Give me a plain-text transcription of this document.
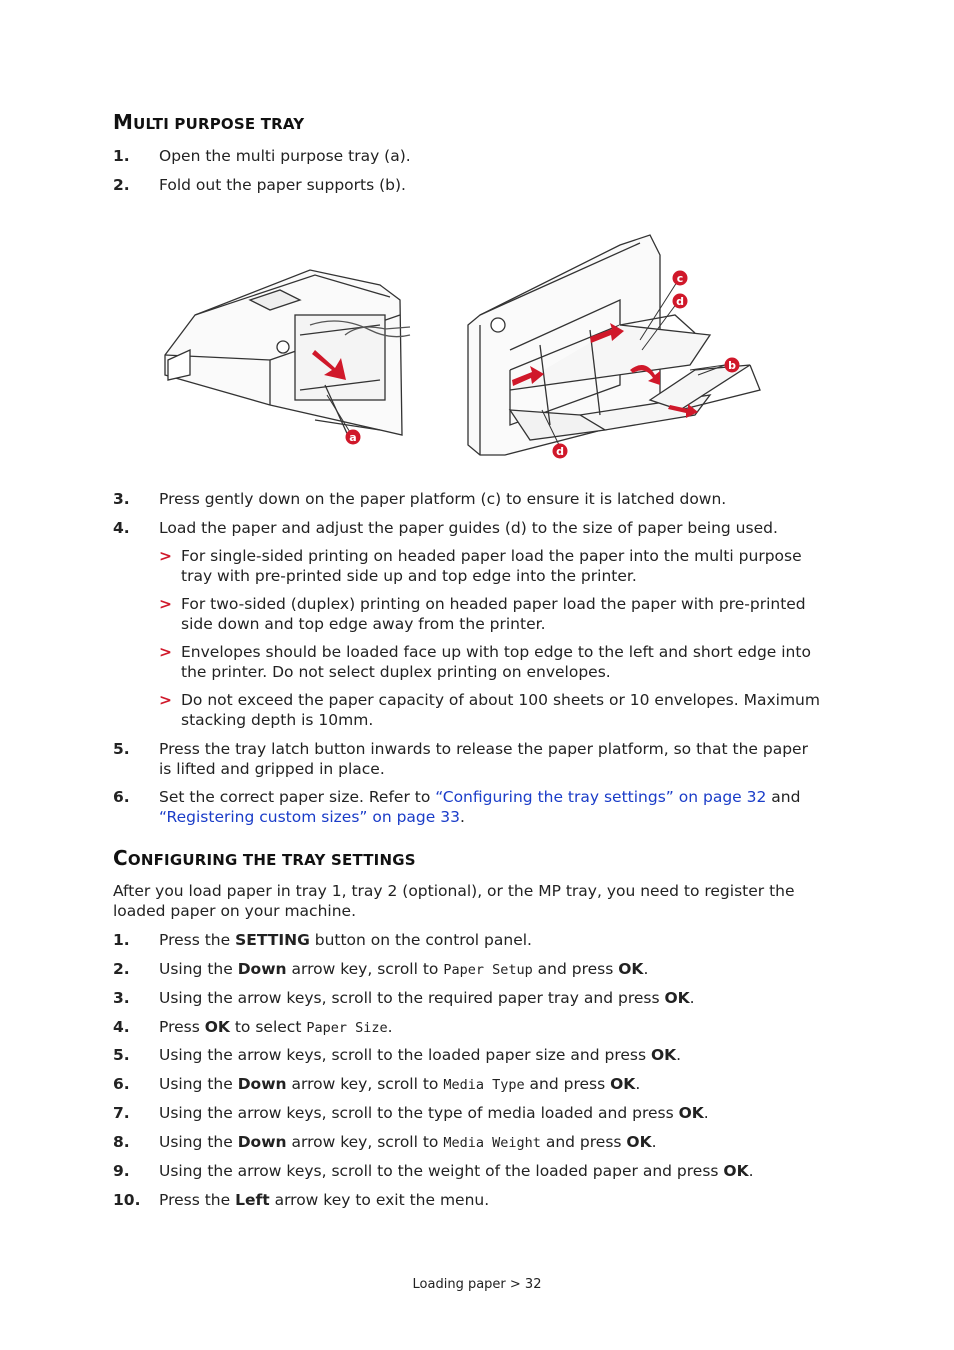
MULTI PURPOSE TRAY
1. Open the multi purpose tray (a).
2. Fold out the paper supports (b).
a
c
d
b
d
3. Press gently down on the paper platform (c) to ensure it is latched down.
4. Load the paper and adjust the paper guides (d) to the size of paper being used.
> For single-sided printing on headed paper load the paper into the multi purpose
tray with pre-printed side up and top edge into the printer.
> For two-sided (duplex) printing on headed paper load the paper with pre-printed
side down and top edge away from the printer.
> Envelopes should be loaded face up with top edge to the left and short edge into
the printer. Do not select duplex printing on envelopes.
> Do not exceed the paper capacity of about 100 sheets or 10 envelopes. Maximum
stacking depth is 10mm.
5. Press the tray latch button inwards to release the paper platform, so that the paper
is lifted and gripped in place.
6. Set the correct paper size. Refer to “Configuring the tray settings” on page 32 and
“Registering custom sizes” on page 33.
CONFIGURING THE TRAY SETTINGS
After you load paper in tray 1, tray 2 (optional), or the MP tray, you need to register the
loaded paper on your machine.
1. Press the SETTING button on the control panel.
2. Using the Down arrow key, scroll to Paper Setup and press OK.
3. Using the arrow keys, scroll to the required paper tray and press OK.
4. Press OK to select Paper Size.
5. Using the arrow keys, scroll to the loaded paper size and press OK.
6. Using the Down arrow key, scroll to Media Type and press OK.
7. Using the arrow keys, scroll to the type of media loaded and press OK.
8. Using the Down arrow key, scroll to Media Weight and press OK.
9. Using the arrow keys, scroll to the weight of the loaded paper and press OK.
10. Press the Left arrow key to exit the menu.
Loading paper > 32
